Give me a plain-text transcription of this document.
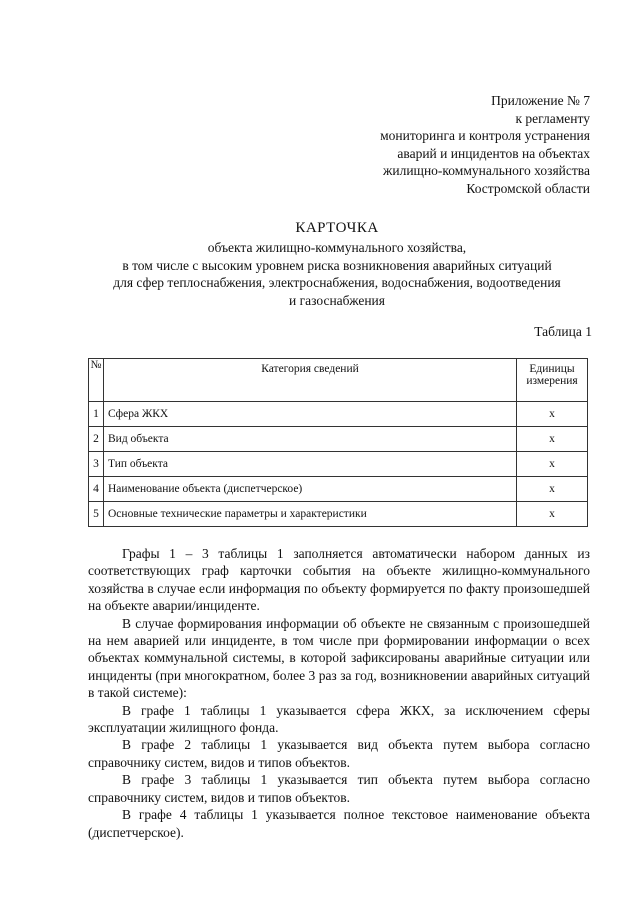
Приложение № 7
к регламенту
мониторинга и контроля устранения
аварий и инцидентов на объектах
жилищно-коммунального хозяйства
Костромской области
КАРТОЧКА
объекта жилищно-коммунального хозяйства,
в том числе с высоким уровнем риска возникновения аварийных ситуаций
для сфер теплоснабжения, электроснабжения, водоснабжения, водоотведения
и газоснабжения
Таблица 1
№	Категория сведений	Единицы
измерения

1	Сфера ЖКХ	x
2	Вид объекта	x
3	Тип объекта	x
4	Наименование объекта (диспетчерское)	x
5	Основные технические параметры и характеристики	x

Графы 1 – 3 таблицы 1 заполняется автоматически набором данных из соответствующих граф карточки события на объекте жилищно-коммунального хозяйства в случае если информация по объекту формируется по факту произошедшей на объекте аварии/инциденте.

В случае формирования информации об объекте не связанным с произошедшей на нем аварией или инциденте, в том числе при формировании информации о всех объектах коммунальной системы, в которой зафиксированы аварийные ситуации или инциденты (при многократном, более 3 раз за год, возникновении аварийных ситуаций в такой системе):

В графе 1 таблицы 1 указывается сфера ЖКХ, за исключением сферы эксплуатации жилищного фонда.

В графе 2 таблицы 1 указывается вид объекта путем выбора согласно справочнику систем, видов и типов объектов.

В графе 3 таблицы 1 указывается тип объекта путем выбора согласно справочнику систем, видов и типов объектов.

В графе 4 таблицы 1 указывается полное текстовое наименование объекта (диспетчерское).
